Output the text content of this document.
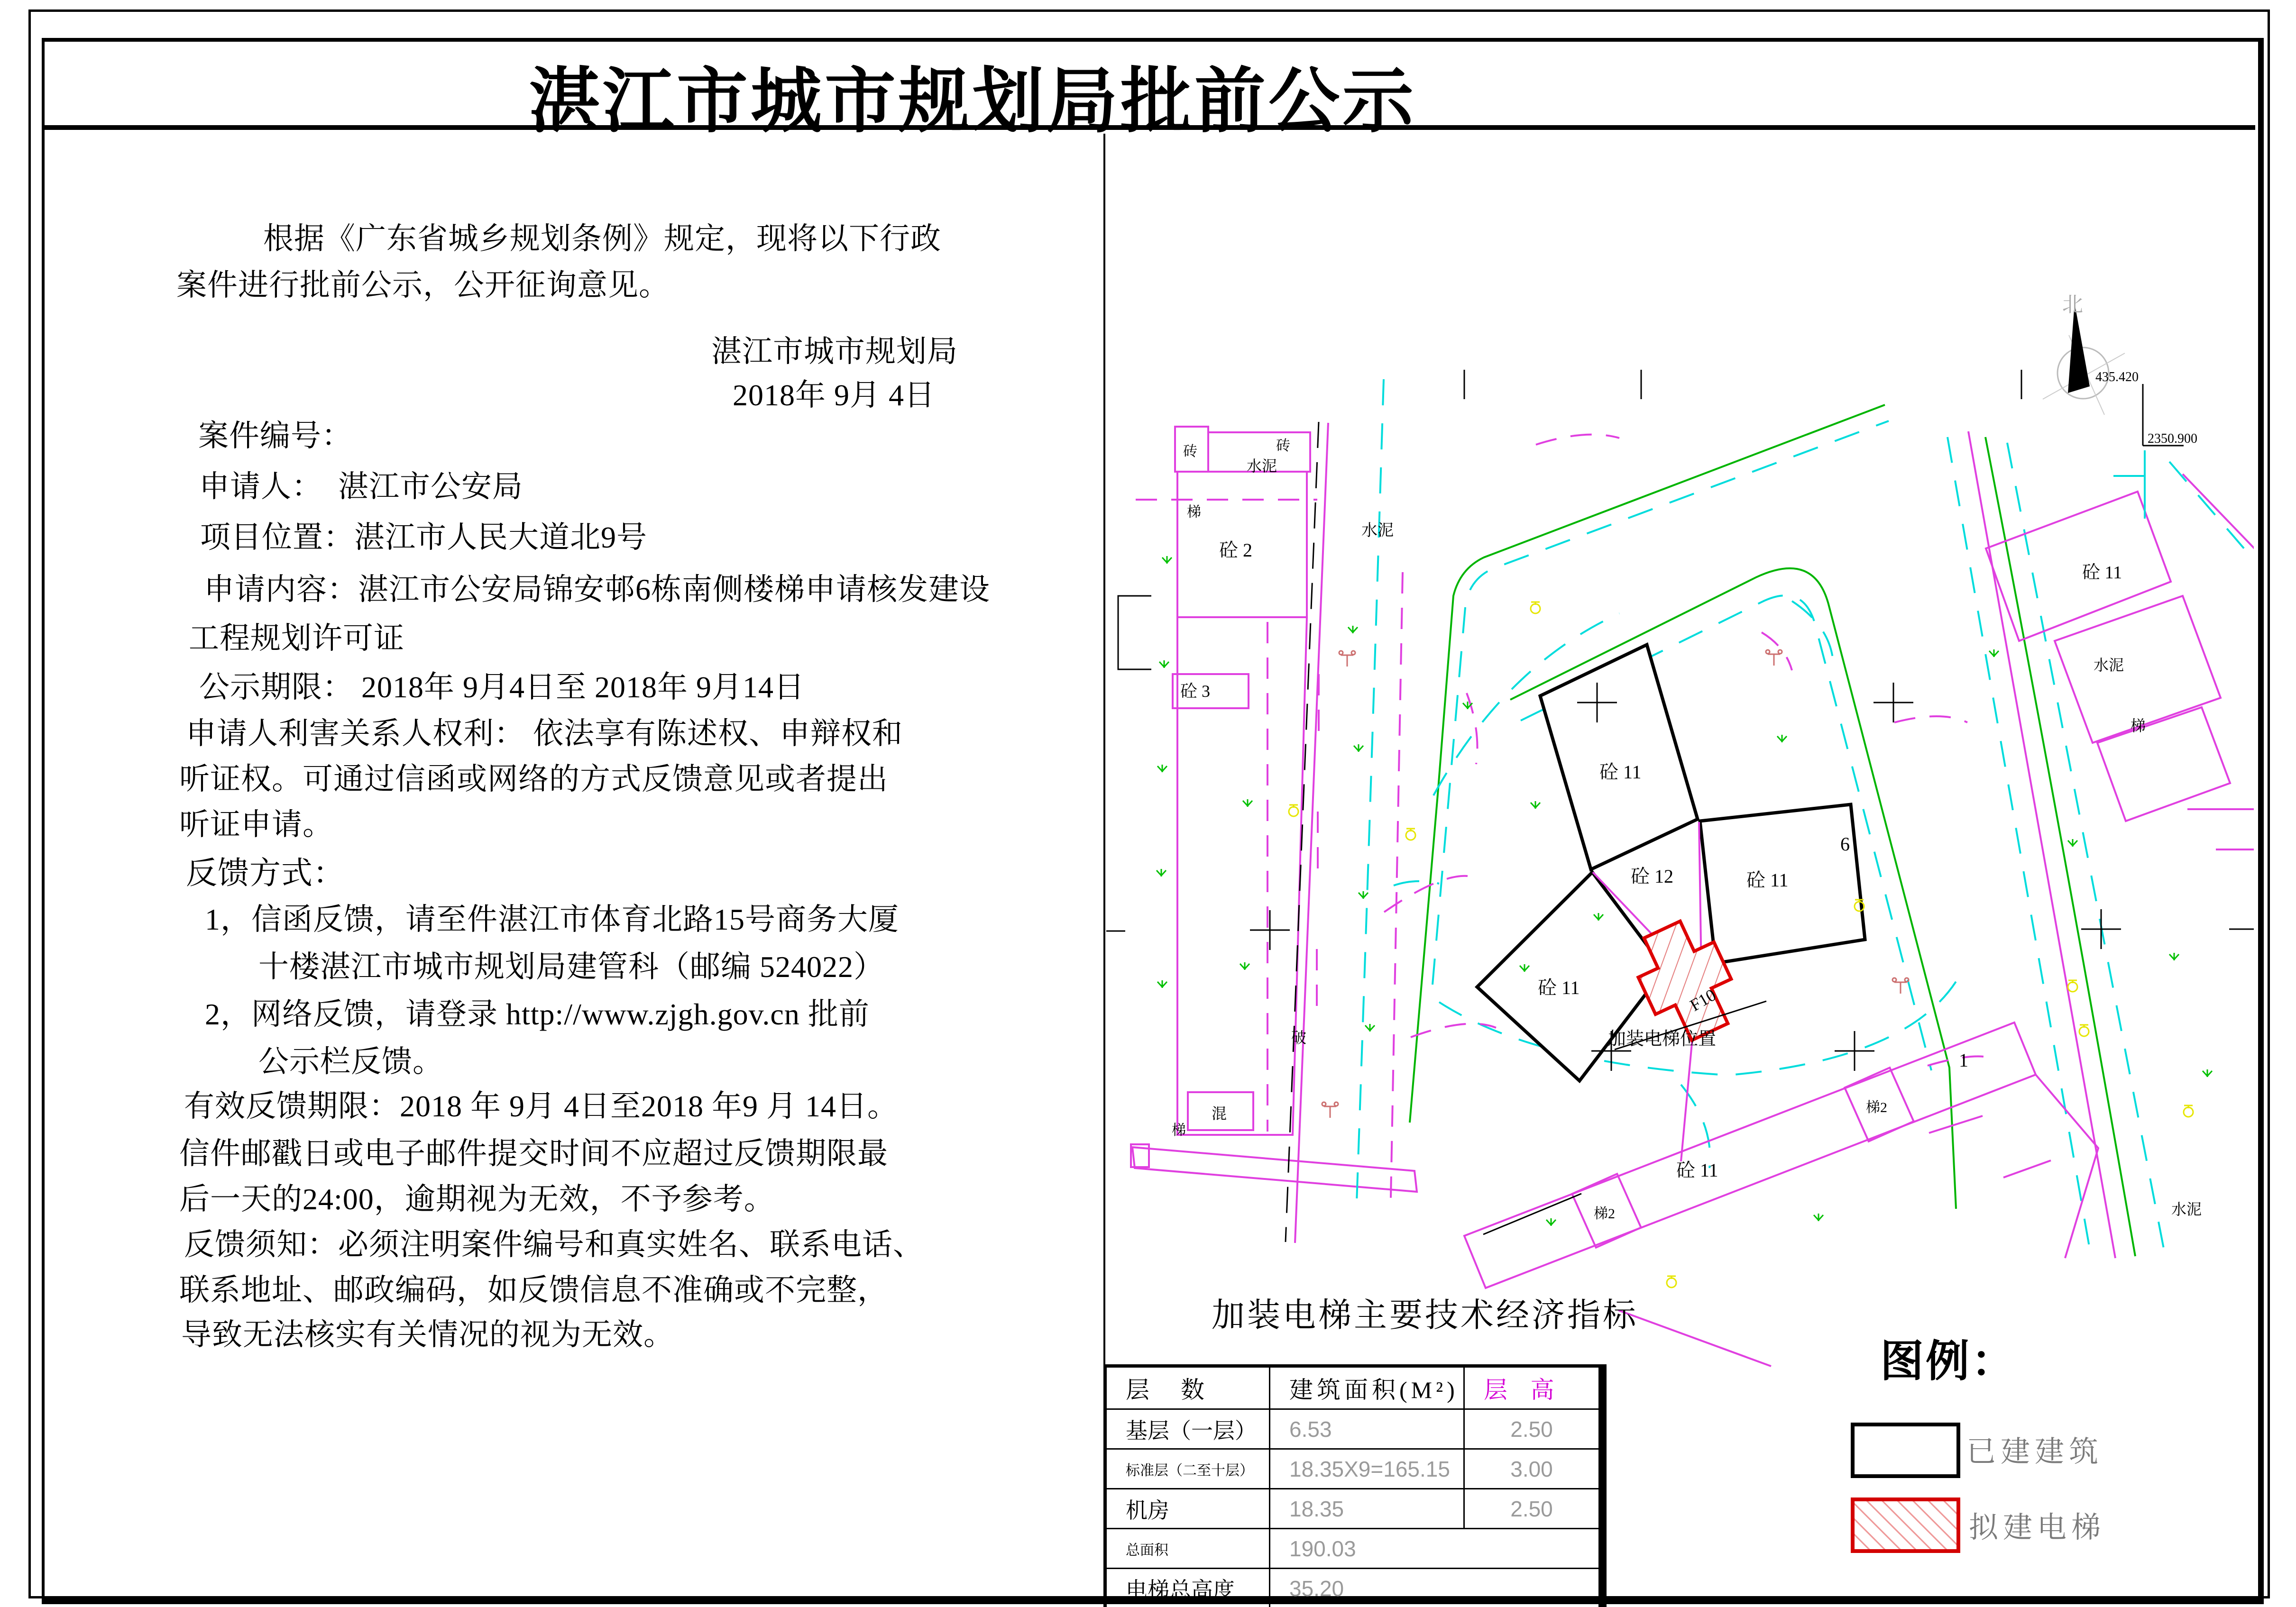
湛江市城市规划局批前公示
根据《广东省城乡规划条例》规定，现将以下行政
案件进行批前公示，公开征询意见。
湛江市城市规划局
2018年 9月 4日
案件编号：
申请人：　湛江市公安局
项目位置：湛江市人民大道北9号
申请内容：湛江市公安局锦安邨6栋南侧楼梯申请核发建设
工程规划许可证
公示期限： 2018年 9月4日至 2018年 9月14日
申请人利害关系人权利： 依法享有陈述权、申辩权和
听证权。可通过信函或网络的方式反馈意见或者提出
听证申请。
反馈方式：
1，信函反馈，请至件湛江市体育北路15号商务大厦
十楼湛江市城市规划局建管科（邮编 524022）
2，网络反馈，请登录 http://www.zjgh.gov.cn 批前
公示栏反馈。
有效反馈期限：2018 年 9月 4日至2018 年9 月 14日。
信件邮戳日或电子邮件提交时间不应超过反馈期限最
后一天的24:00，逾期视为无效，不予参考。
反馈须知：必须注明案件编号和真实姓名、联系电话、
联系地址、邮政编码，如反馈信息不准确或不完整，
导致无法核实有关情况的视为无效。
砖	砖
水泥
砼 2
梯
砼 3
混
破
梯
水泥
砼 11
砼 12	砼 11
6
砼 11	F10
加装电梯位置
砼 11
水泥
梯
砼 11
梯2
梯2
1
水泥
北
435.420
2350.900
加装电梯主要技术经济指标
层　数	建筑面积(M²)	层 高
基层（一层）	6.53	2.50
标准层（二至十层）	18.35X9=165.15	3.00
机房	18.35	2.50
总面积	190.03	
电梯总高度	35.20	
图例：
已建建筑
拟建电梯
